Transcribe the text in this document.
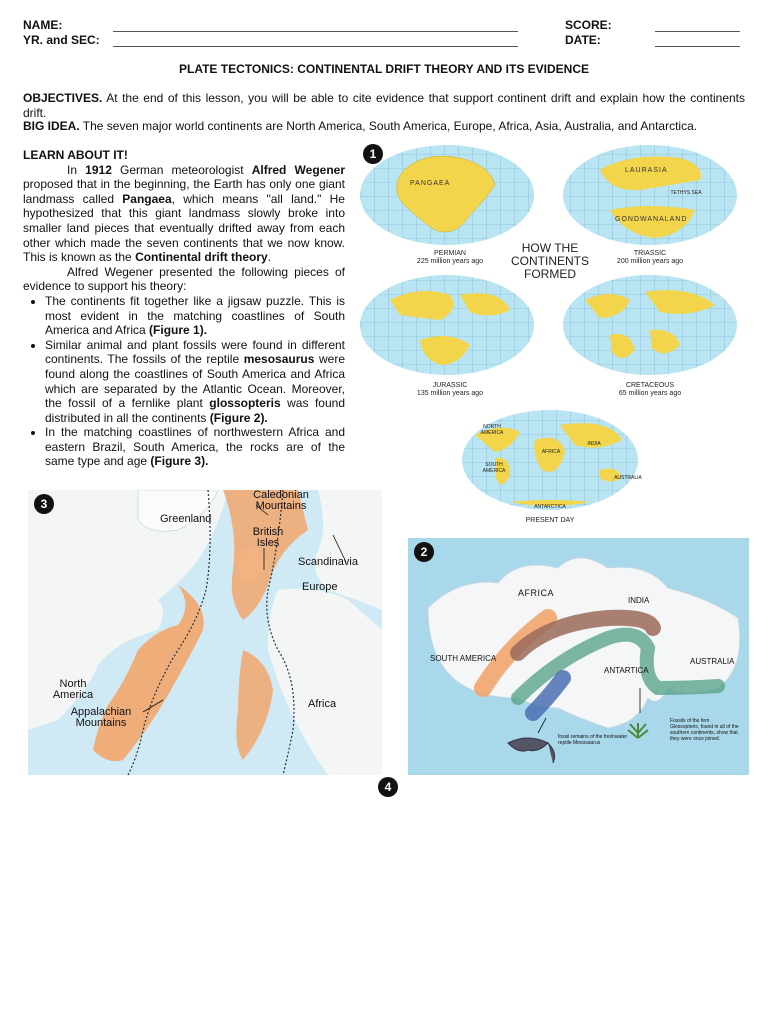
NAME:
YR. and SEC:
SCORE:
DATE:
PLATE TECTONICS: CONTINENTAL DRIFT THEORY AND ITS EVIDENCE
OBJECTIVES. At the end of this lesson, you will be able to cite evidence that support continent drift and explain how the continents drift.
BIG IDEA. The seven major world continents are North America, South America, Europe, Africa, Asia, Australia, and Antarctica.

LEARN ABOUT IT!

In 1912 German meteorologist Alfred Wegener proposed that in the beginning, the Earth has only one giant landmass called Pangaea, which means "all land." He hypothesized that this giant landmass slowly broke into smaller land pieces that eventually drifted away from each other which made the seven continents that we now know. This is known as the Continental drift theory.

Alfred Wegener presented the following pieces of evidence to support his theory:

• The continents fit together like a jigsaw puzzle. This is most evident in the matching coastlines of South America and Africa (Figure 1).
• Similar animal and plant fossils were found in different continents. The fossils of the reptile mesosaurus were found along the coastlines of South America and Africa which are separated by the Atlantic Ocean. Moreover, the fossil of a fernlike plant glossopteris was found distributed in all the continents (Figure 2).
• In the matching coastlines of northwestern Africa and eastern Brazil, South America, the rocks are of the same type and age (Figure 3).
1
PANGAEA
LAURASIA
GONDWANALAND
TETHYS SEA
PERMIAN
225 million years ago
TRIASSIC
200 million years ago
HOW THE
CONTINENTS
FORMED
JURASSIC
135 million years ago
CRETACEOUS
65 million years ago
NORTH AMERICA
SOUTH AMERICA
AFRICA
INDIA
AUSTRALIA
ANTARCTICA
PRESENT DAY
3
Caledonian Mountains
Greenland
British Isles
Scandinavia
Europe
North America
Appalachian Mountains
Africa
2
AFRICA
INDIA
SOUTH AMERICA
ANTARTICA
AUSTRALIA
fossil remains of the freshwater reptile Mesosaurus
Fossils of the fern Glossopteris, found in all of the southern continents, show that they were once joined.
4
